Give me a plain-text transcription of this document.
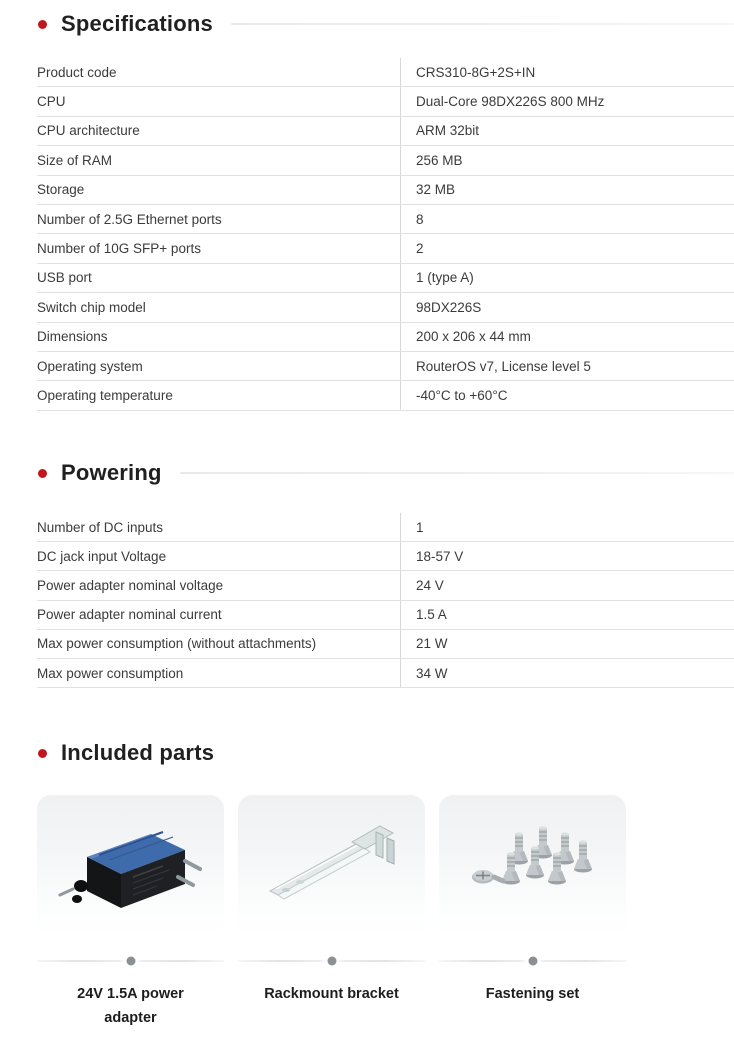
Specifications
Product code	CRS310-8G+2S+IN
CPU	Dual-Core 98DX226S 800 MHz
CPU architecture	ARM 32bit
Size of RAM	256 MB
Storage	32 MB
Number of 2.5G Ethernet ports	8
Number of 10G SFP+ ports	2
USB port	1 (type A)
Switch chip model	98DX226S
Dimensions	200 x 206 x 44 mm
Operating system	RouterOS v7, License level 5
Operating temperature	-40°C to +60°C
Powering
Number of DC inputs	1
DC jack input Voltage	18-57 V
Power adapter nominal voltage	24 V
Power adapter nominal current	1.5 A
Max power consumption (without attachments)	21 W
Max power consumption	34 W
Included parts
24V 1.5A power adapter
Rackmount bracket	Fastening set
